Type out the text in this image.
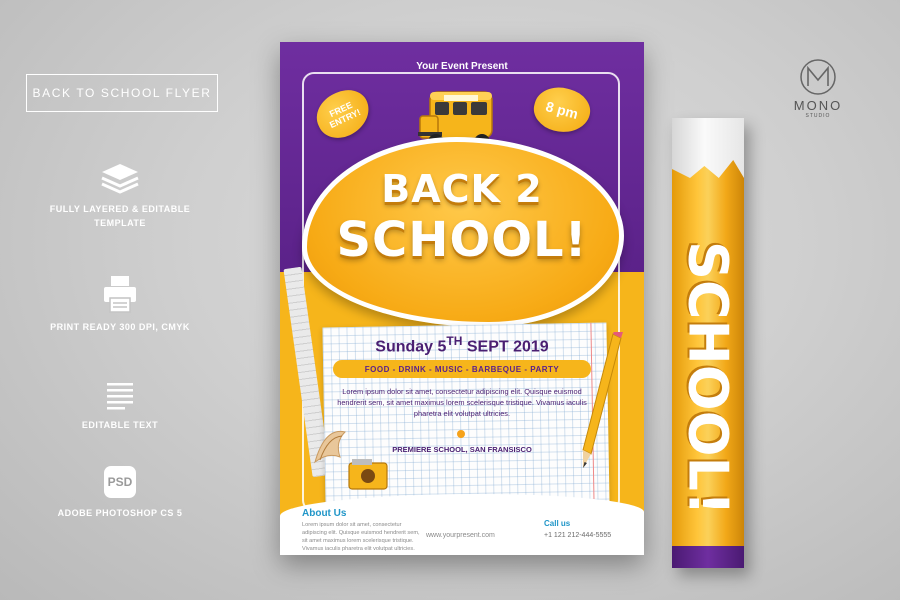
BACK TO SCHOOL FLYER
FULLY LAYERED & EDITABLE TEMPLATE
PRINT READY 300 DPI, CMYK
EDITABLE TEXT
PSD
ADOBE PHOTOSHOP CS 5
MONO
STUDIO
Your Event Present
FREE ENTRY!	8 pm
BACK 2
SCHOOL!
Sunday 5TH SEPT 2019
FOOD - DRINK - MUSIC - BARBEQUE - PARTY
Lorem ipsum dolor sit amet, consectetur adipiscing elit. Quisque euismod hendrerit sem, sit amet maximus lorem scelerisque tristique. Vivamus iaculis pharetra elit volutpat ultricies.
PREMIERE SCHOOL, SAN FRANSISCO
About Us
Lorem ipsum dolor sit amet, consectetur adipiscing elit. Quisque euismod hendrerit sem, sit amet maximus lorem scelerisque tristique. Vivamus iaculis pharetra elit volutpat ultricies.
www.yourpresent.com
Call us
+1 121 212-444-5555
SCHOOL!
